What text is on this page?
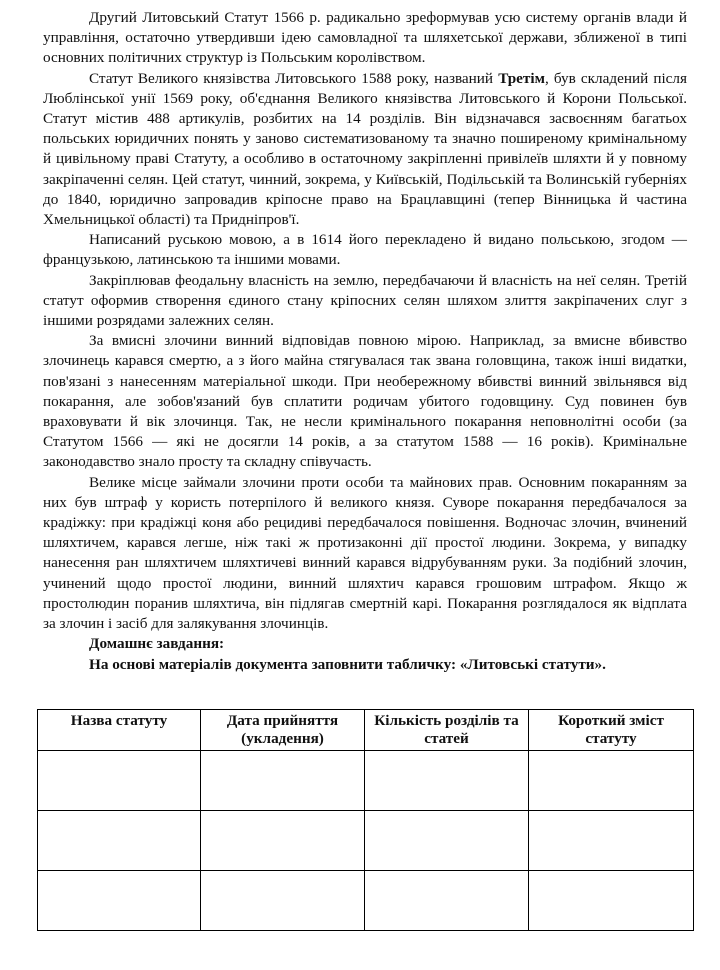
Другий Литовський Статут 1566 р. радикально зреформував усю систему органів влади й управління, остаточно утвердивши ідею самовладної та шляхетської держави, зближеної в типі основних політичних структур із Польським королівством.

Статут Великого князівства Литовського 1588 року, названий Третім, був складений після Люблінської унії 1569 року, об'єднання Великого князівства Литовського й Корони Польської. Статут містив 488 артикулів, розбитих на 14 розділів. Він відзначався засвоєнням багатьох польських юридичних понять у заново систематизованому та значно поширеному кримінальному й цивільному праві Статуту, а особливо в остаточному закріпленні привілеїв шляхти й у повному закріпаченні селян. Цей статут, чинний, зокрема, у Київській, Подільській та Волинській губерніях до 1840, юридично запровадив кріпосне право на Брацлавщині (тепер Вінницька й частина Хмельницької області) та Придніпров'ї.

Написаний руською мовою, а в 1614 його перекладено й видано польською, згодом — французькою, латинською та іншими мовами.

Закріплював феодальну власність на землю, передбачаючи й власність на неї селян. Третій статут оформив створення єдиного стану кріпосних селян шляхом злиття закріпачених слуг з іншими розрядами залежних селян.

За вмисні злочини винний відповідав повною мірою. Наприклад, за вмисне вбивство злочинець карався смертю, а з його майна стягувалася так звана головщина, також інші видатки, пов'язані з нанесенням матеріальної шкоди. При необережному вбивстві винний звільнявся від покарання, але зобов'язаний був сплатити родичам убитого годовщину. Суд повинен був враховувати й вік злочинця. Так, не несли кримінального покарання неповнолітні особи (за Статутом 1566 — які не досягли 14 років, а за статутом 1588 — 16 років). Кримінальне законодавство знало просту та складну співучасть.

Велике місце займали злочини проти особи та майнових прав. Основним покаранням за них був штраф у користь потерпілого й великого князя. Суворе покарання передбачалося за крадіжку: при крадіжці коня або рецидиві передбачалося повішення. Водночас злочин, вчинений шляхтичем, карався легше, ніж такі ж протизаконні дії простої людини. Зокрема, у випадку нанесення ран шляхтичем шляхтичеві винний карався відрубуванням руки. За подібний злочин, учинений щодо простої людини, винний шляхтич карався грошовим штрафом. Якщо ж простолюдин поранив шляхтича, він підлягав смертній карі. Покарання розглядалося як відплата за злочин і засіб для залякування злочинців.

Домашнє завдання:

На основі матеріалів документа заповнити табличку: «Литовські статути».

Назва статуту	Дата прийняття (укладення)	Кількість розділів та статей	Короткий зміст статуту
